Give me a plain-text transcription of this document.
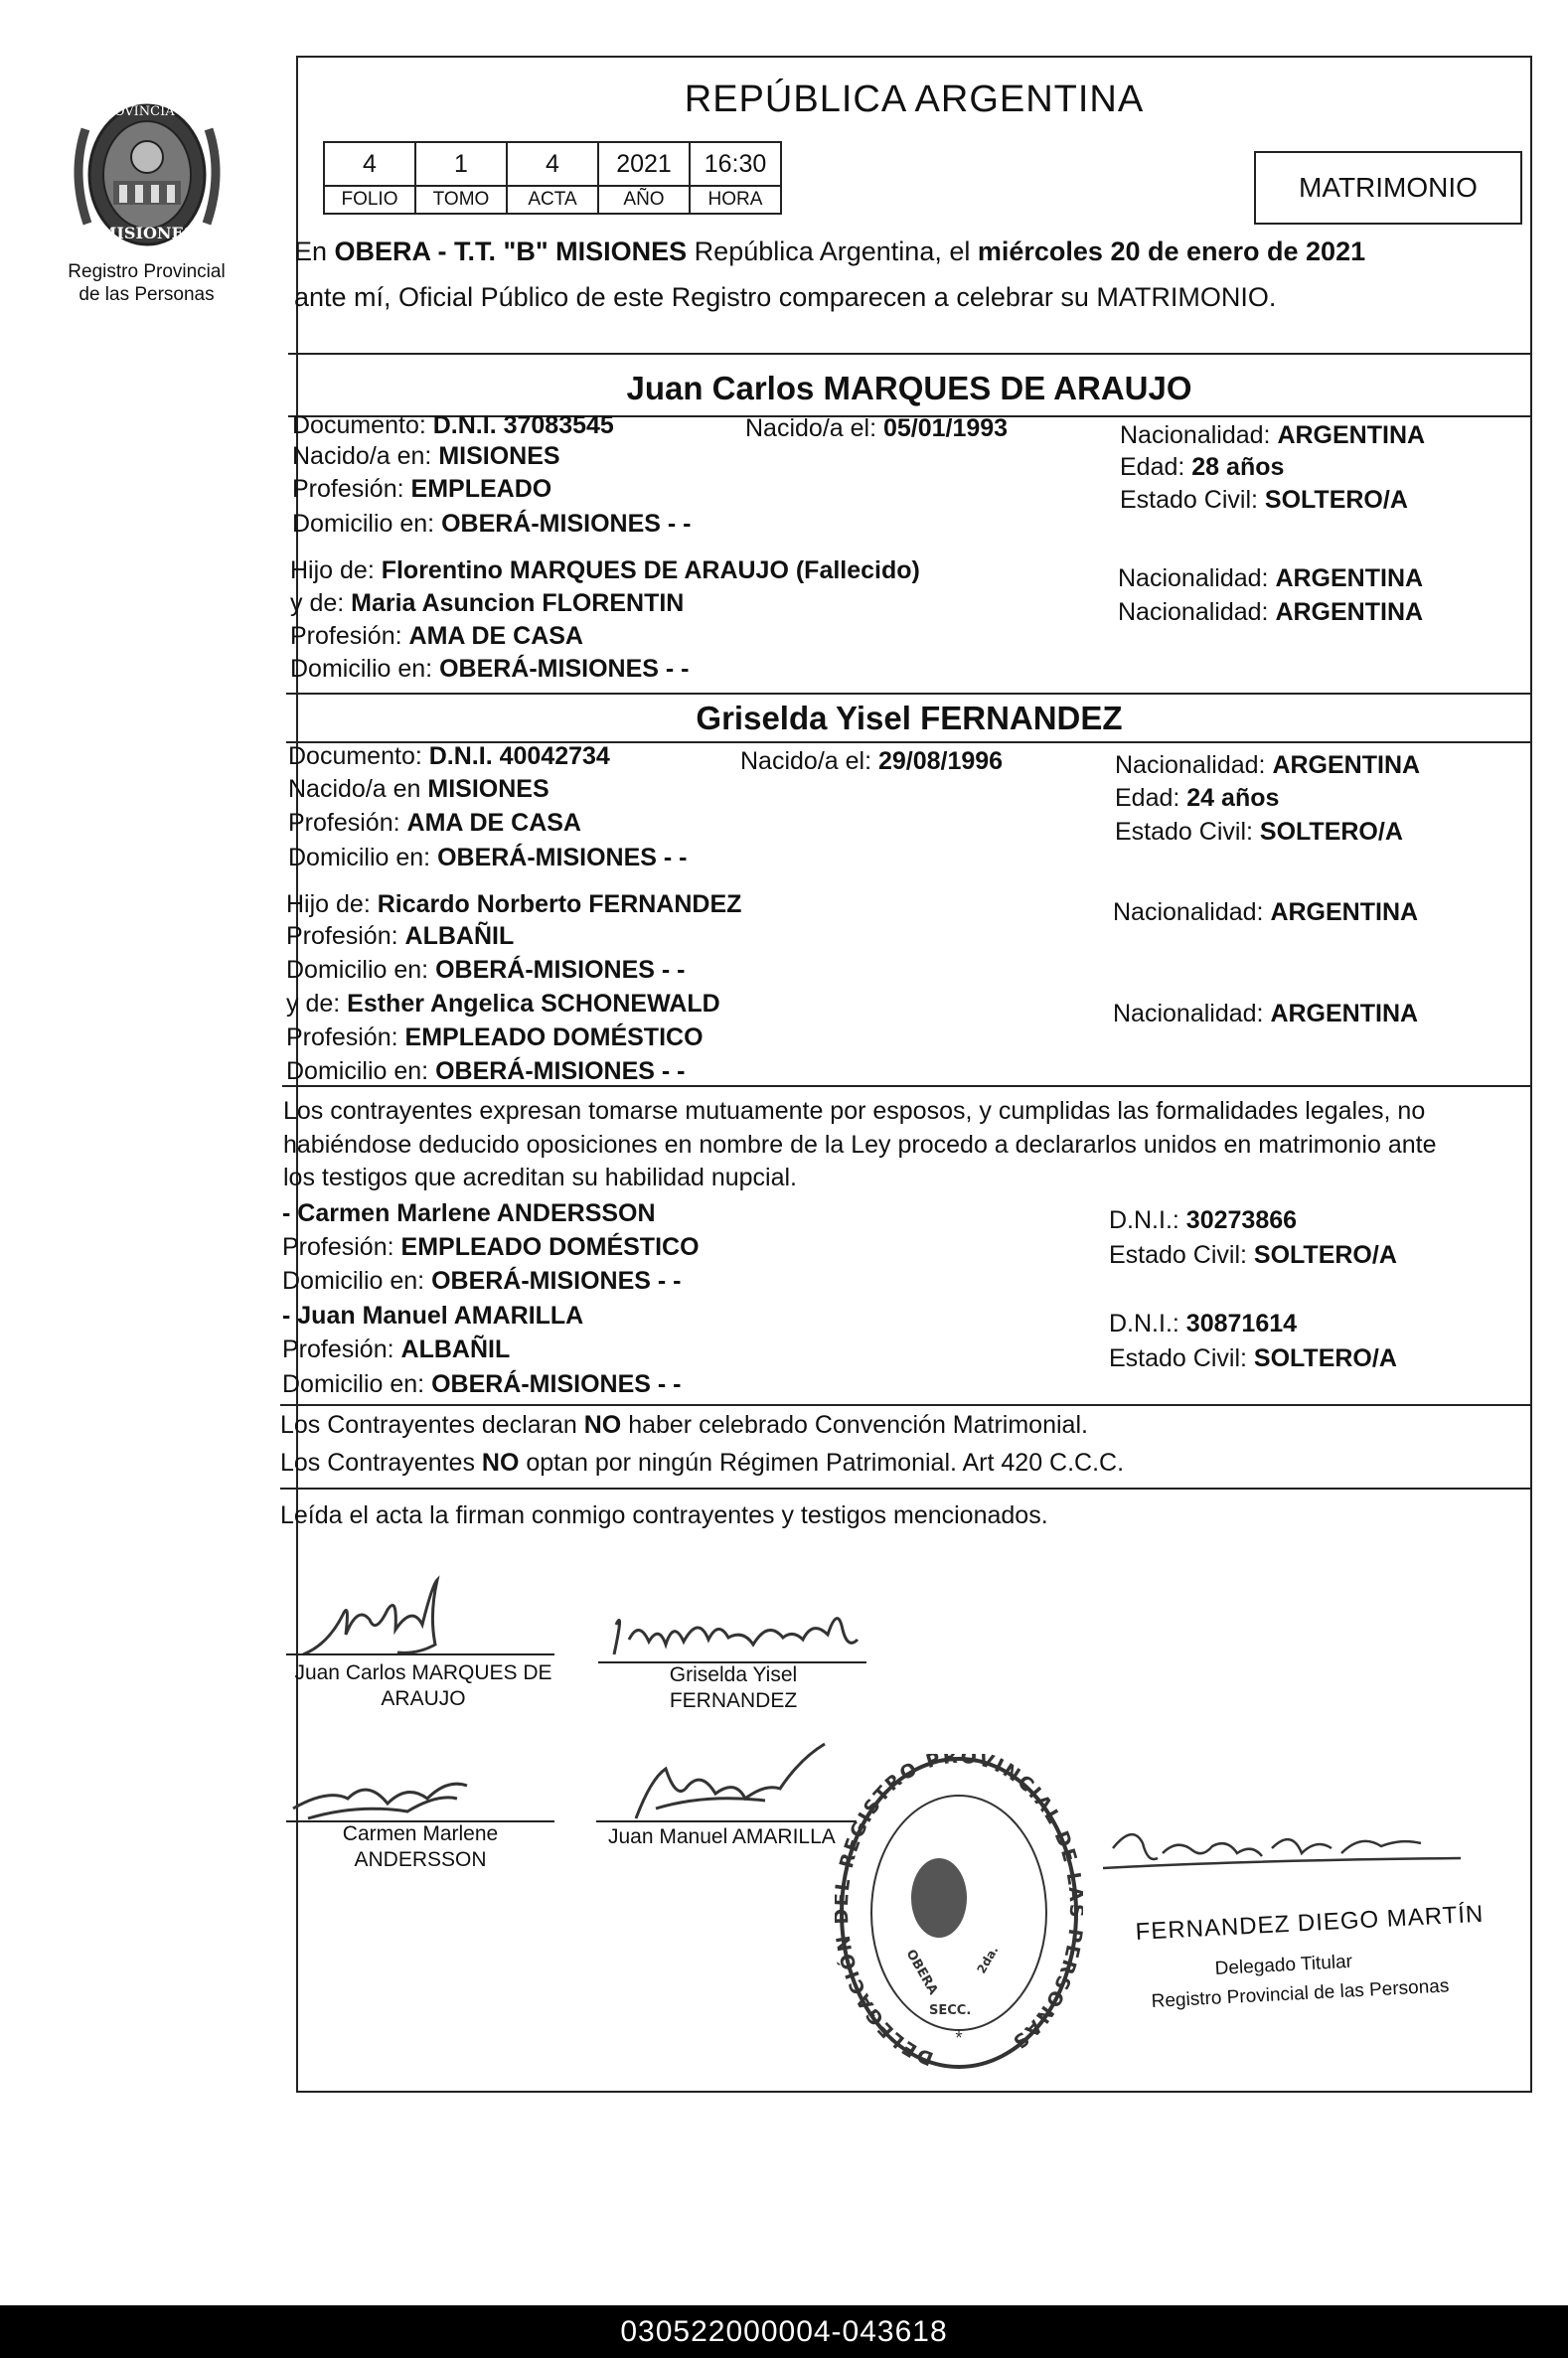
PROVINCIA DE
MISIONES
Registro Provincial
de las Personas
REPÚBLICA ARGENTINA
4	1	4	2021	16:30
FOLIO	TOMO	ACTA	AÑO	HORA	MATRIMONIO
En OBERA - T.T. "B" MISIONES República Argentina, el miércoles 20 de enero de 2021
ante mí, Oficial Público de este Registro comparecen a celebrar su MATRIMONIO.
Juan Carlos MARQUES DE ARAUJO
Documento: D.N.I. 37083545	Nacido/a el: 05/01/1993	Nacionalidad: ARGENTINA
Nacido/a en: MISIONES	Edad: 28 años
Profesión: EMPLEADO	Estado Civil: SOLTERO/A
Domicilio en: OBERÁ-MISIONES - -
Hijo de: Florentino MARQUES DE ARAUJO (Fallecido)	Nacionalidad: ARGENTINA
y de: Maria Asuncion FLORENTIN	Nacionalidad: ARGENTINA
Profesión: AMA DE CASA
Domicilio en: OBERÁ-MISIONES - -
Griselda Yisel FERNANDEZ
Documento: D.N.I. 40042734	Nacido/a el: 29/08/1996	Nacionalidad: ARGENTINA
Nacido/a en MISIONES	Edad: 24 años
Profesión: AMA DE CASA	Estado Civil: SOLTERO/A
Domicilio en: OBERÁ-MISIONES - -
Hijo de: Ricardo Norberto FERNANDEZ	Nacionalidad: ARGENTINA
Profesión: ALBAÑIL
Domicilio en: OBERÁ-MISIONES - -
y de: Esther Angelica SCHONEWALD	Nacionalidad: ARGENTINA
Profesión: EMPLEADO DOMÉSTICO
Domicilio en: OBERÁ-MISIONES - -
Los contrayentes expresan tomarse mutuamente por esposos, y cumplidas las formalidades legales, no
habiéndose deducido oposiciones en nombre de la Ley procedo a declararlos unidos en matrimonio ante
los testigos que acreditan su habilidad nupcial.
- Carmen Marlene ANDERSSON	D.N.I.: 30273866
Profesión: EMPLEADO DOMÉSTICO	Estado Civil: SOLTERO/A
Domicilio en: OBERÁ-MISIONES - -
- Juan Manuel AMARILLA	D.N.I.: 30871614
Profesión: ALBAÑIL	Estado Civil: SOLTERO/A
Domicilio en: OBERÁ-MISIONES - -
Los Contrayentes declaran NO haber celebrado Convención Matrimonial.
Los Contrayentes NO optan por ningún Régimen Patrimonial. Art 420 C.C.C.
Leída el acta la firman conmigo contrayentes y testigos mencionados.
Juan Carlos MARQUES DE
ARAUJO
Griselda Yisel
FERNANDEZ
Carmen Marlene
ANDERSSON
Juan Manuel AMARILLA
DELEGACIÓ REGISTRO PROVINCIAL DE ERSONAS
OBERA
SECC.
2da.
*
FERNANDEZ DIEGO MARTÍN
Delegado Titular
Registro Provincial de las Personas
030522000004-043618
